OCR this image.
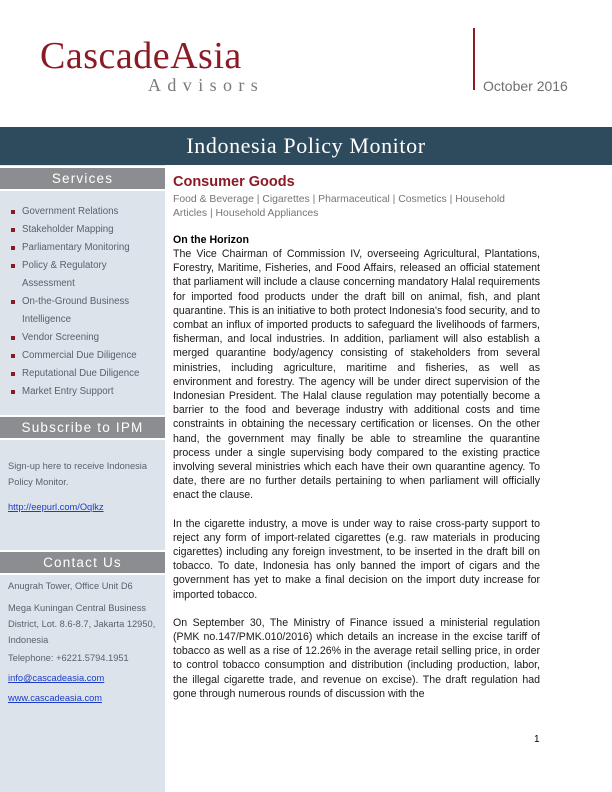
CascadeAsia
Advisors	October 2016
Indonesia Policy Monitor
Services
Government Relations
Stakeholder Mapping
Parliamentary Monitoring
Policy & Regulatory Assessment
On-the-Ground Business Intelligence
Vendor Screening
Commercial Due Diligence
Reputational Due Diligence
Market Entry Support
Subscribe to IPM
Sign-up here to receive Indonesia Policy Monitor.
http://eepurl.com/Oqlkz
Contact Us
Anugrah Tower, Office Unit D6
Mega Kuningan Central Business District, Lot. 8.6-8.7, Jakarta 12950, Indonesia
Telephone: +6221.5794.1951
info@cascadeasia.com
www.cascadeasia.com
Consumer Goods
Food & Beverage | Cigarettes | Pharmaceutical | Cosmetics | Household Articles | Household Appliances
On the Horizon

The Vice Chairman of Commission IV, overseeing Agricultural, Plantations, Forestry, Maritime, Fisheries, and Food Affairs, released an official statement that parliament will include a clause concerning mandatory Halal requirements for imported food products under the draft bill on animal, fish, and plant quarantine. This is an initiative to both protect Indonesia's food security, and to combat an influx of imported products to safeguard the livelihoods of farmers, fisherman, and local industries. In addition, parliament will also establish a merged quarantine body/agency consisting of stakeholders from several ministries, including agriculture, maritime and fisheries, as well as environment and forestry. The agency will be under direct supervision of the Indonesian President. The Halal clause regulation may potentially become a barrier to the food and beverage industry with additional costs and time constraints in obtaining the necessary certification or licenses. On the other hand, the government may finally be able to streamline the quarantine process under a single supervising body compared to the existing practice involving several ministries which each have their own quarantine agency. To date, there are no further details pertaining to when parliament will officially enact the clause.

In the cigarette industry, a move is under way to raise cross-party support to reject any form of import-related cigarettes (e.g. raw materials in producing cigarettes) including any foreign investment, to be inserted in the draft bill on tobacco. To date, Indonesia has only banned the import of cigars and the government has yet to make a final decision on the import duty increase for imported tobacco.

On September 30, The Ministry of Finance issued a ministerial regulation (PMK no.147/PMK.010/2016) which details an increase in the excise tariff of tobacco as well as a rise of 12.26% in the average retail selling price, in order to control tobacco consumption and distribution (including production, labor, the illegal cigarette trade, and revenue on excise). The draft regulation had gone through numerous rounds of discussion with the

1
